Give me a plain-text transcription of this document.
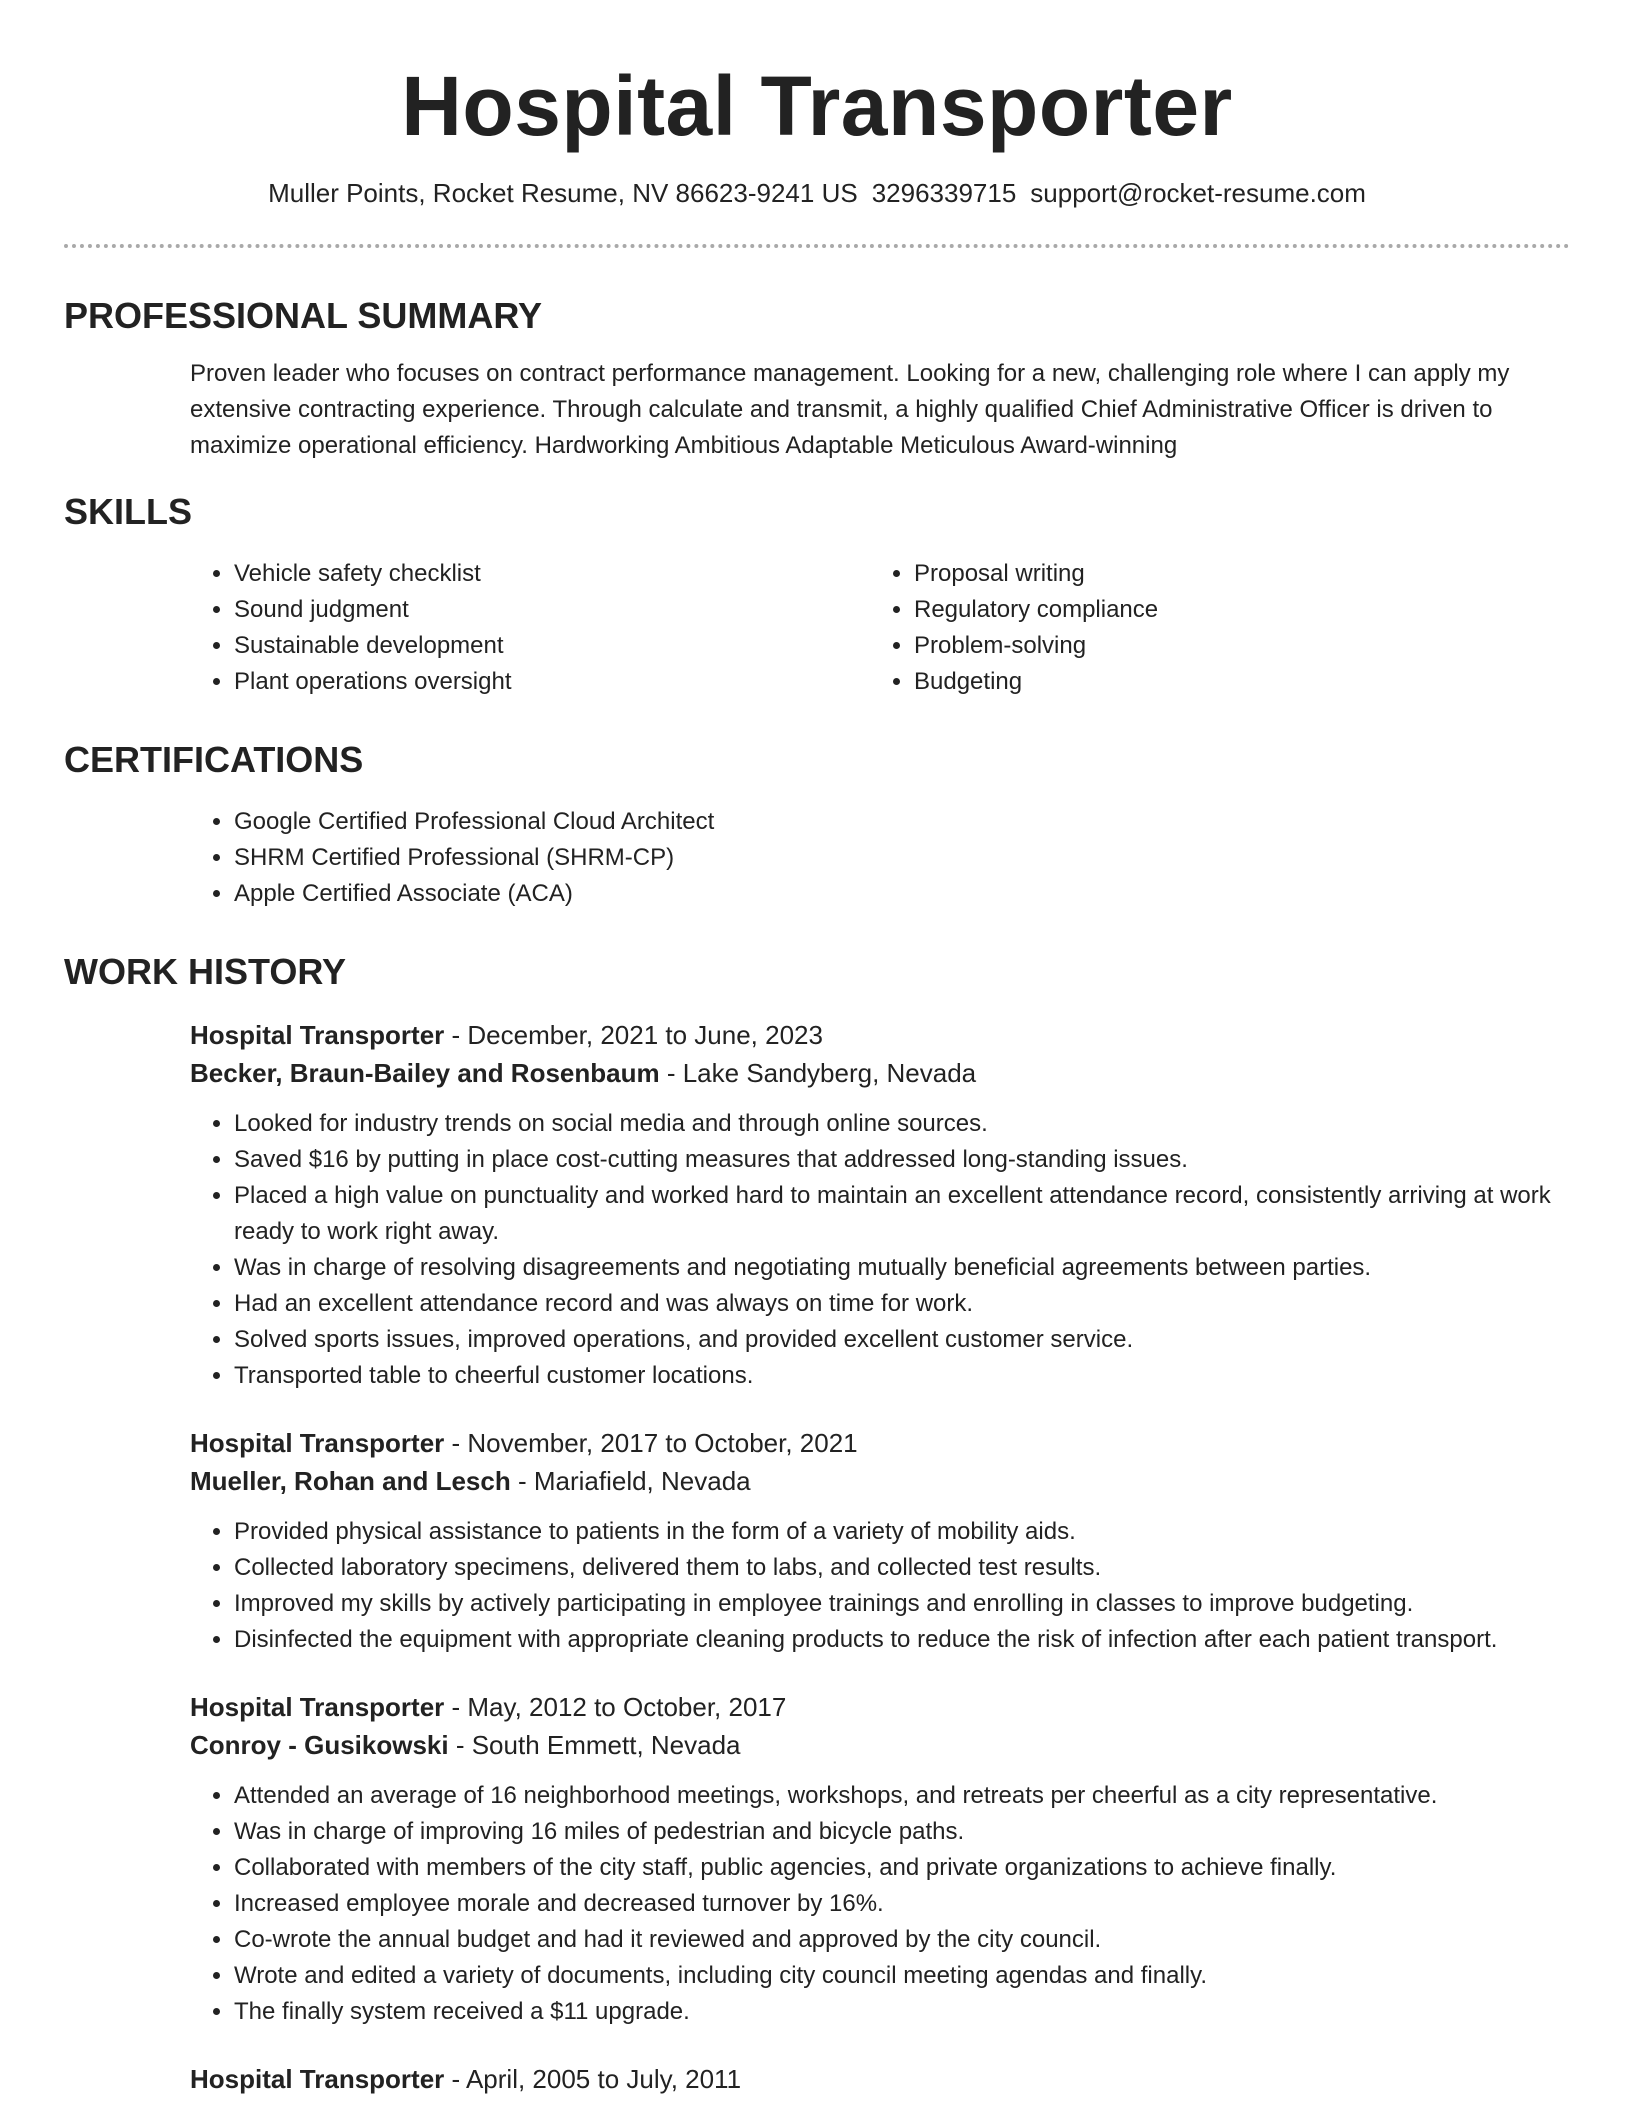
Hospital Transporter
Muller Points, Rocket Resume, NV 86623-9241 US 3296339715 support@rocket-resume.com
PROFESSIONAL SUMMARY
Proven leader who focuses on contract performance management. Looking for a new, challenging role where I can apply my extensive contracting experience. Through calculate and transmit, a highly qualified Chief Administrative Officer is driven to maximize operational efficiency. Hardworking Ambitious Adaptable Meticulous Award-winning
SKILLS
• Vehicle safety checklist
• Sound judgment
• Sustainable development
• Plant operations oversight
• Proposal writing
• Regulatory compliance
• Problem-solving
• Budgeting
CERTIFICATIONS
• Google Certified Professional Cloud Architect
• SHRM Certified Professional (SHRM-CP)
• Apple Certified Associate (ACA)
WORK HISTORY
Hospital Transporter - December, 2021 to June, 2023
Becker, Braun-Bailey and Rosenbaum - Lake Sandyberg, Nevada
• Looked for industry trends on social media and through online sources.
• Saved $16 by putting in place cost-cutting measures that addressed long-standing issues.
• Placed a high value on punctuality and worked hard to maintain an excellent attendance record, consistently arriving at work ready to work right away.
• Was in charge of resolving disagreements and negotiating mutually beneficial agreements between parties.
• Had an excellent attendance record and was always on time for work.
• Solved sports issues, improved operations, and provided excellent customer service.
• Transported table to cheerful customer locations.
Hospital Transporter - November, 2017 to October, 2021
Mueller, Rohan and Lesch - Mariafield, Nevada
• Provided physical assistance to patients in the form of a variety of mobility aids.
• Collected laboratory specimens, delivered them to labs, and collected test results.
• Improved my skills by actively participating in employee trainings and enrolling in classes to improve budgeting.
• Disinfected the equipment with appropriate cleaning products to reduce the risk of infection after each patient transport.
Hospital Transporter - May, 2012 to October, 2017
Conroy - Gusikowski - South Emmett, Nevada
• Attended an average of 16 neighborhood meetings, workshops, and retreats per cheerful as a city representative.
• Was in charge of improving 16 miles of pedestrian and bicycle paths.
• Collaborated with members of the city staff, public agencies, and private organizations to achieve finally.
• Increased employee morale and decreased turnover by 16%.
• Co-wrote the annual budget and had it reviewed and approved by the city council.
• Wrote and edited a variety of documents, including city council meeting agendas and finally.
• The finally system received a $11 upgrade.
Hospital Transporter - April, 2005 to July, 2011
